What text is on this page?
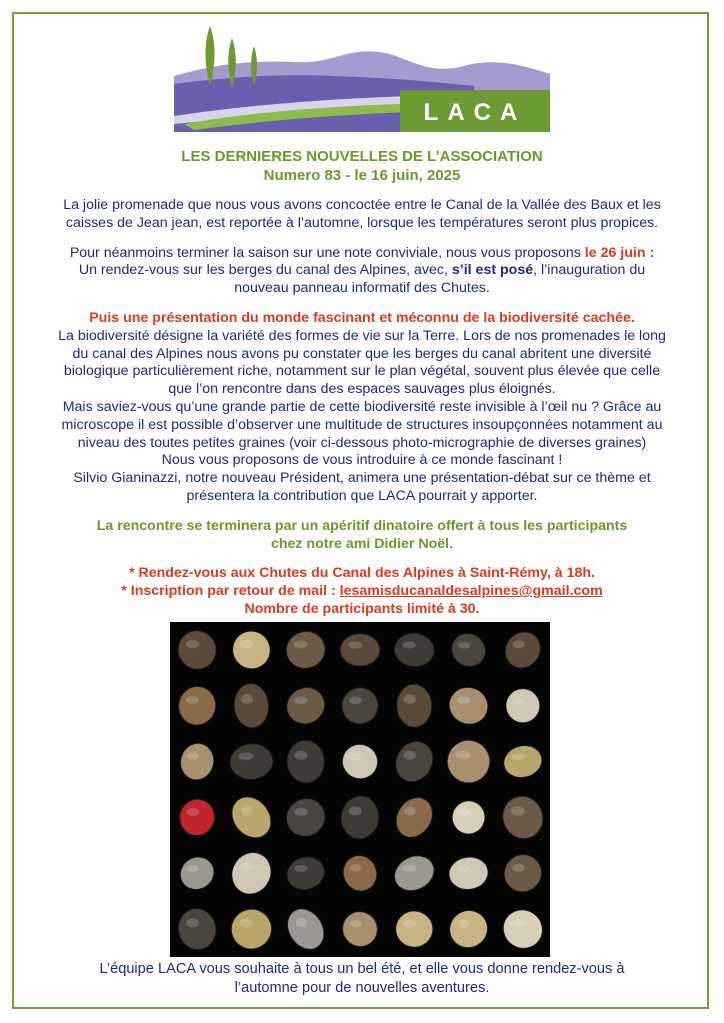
LACA

LES DERNIERES NOUVELLES DE L’ASSOCIATION

Numero 83 - le 16 juin, 2025

La jolie promenade que nous vous avons concoctée entre le Canal de la Vallée des Baux et les

caisses de Jean jean, est reportée à l’automne, lorsque les températures seront plus propices.

Pour néanmoins terminer la saison sur une note conviviale, nous vous proposons le 26 juin :

Un rendez-vous sur les berges du canal des Alpines, avec, s’il est posé, l’inauguration du

nouveau panneau informatif des Chutes.

Puis une présentation du monde fascinant et méconnu de la biodiversité cachée.

La biodiversité désigne la variété des formes de vie sur la Terre. Lors de nos promenades le long

du canal des Alpines nous avons pu constater que les berges du canal abritent une diversité

biologique particulièrement riche, notamment sur le plan végétal, souvent plus élevée que celle

que l’on rencontre dans des espaces sauvages plus éloignés.

Mais saviez-vous qu’une grande partie de cette biodiversité reste invisible à l’œil nu ? Grâce au

microscope il est possible d’observer une multitude de structures insoupçonnées notamment au

niveau des toutes petites graines (voir ci-dessous photo-micrographie de diverses graines)

Nous vous proposons de vous introduire à ce monde fascinant !

Silvio Gianinazzi, notre nouveau Président, animera une présentation-débat sur ce thème et

présentera la contribution que LACA pourrait y apporter.

La rencontre se terminera par un apéritif dinatoire offert à tous les participants

chez notre ami Didier Noël.

* Rendez-vous aux Chutes du Canal des Alpines à Saint-Rémy, à 18h.

* Inscription par retour de mail : lesamisducanaldesalpines@gmail.com

Nombre de participants limité à 30.

L’équipe LACA vous souhaite à tous un bel été, et elle vous donne rendez-vous à

l’automne pour de nouvelles aventures.
